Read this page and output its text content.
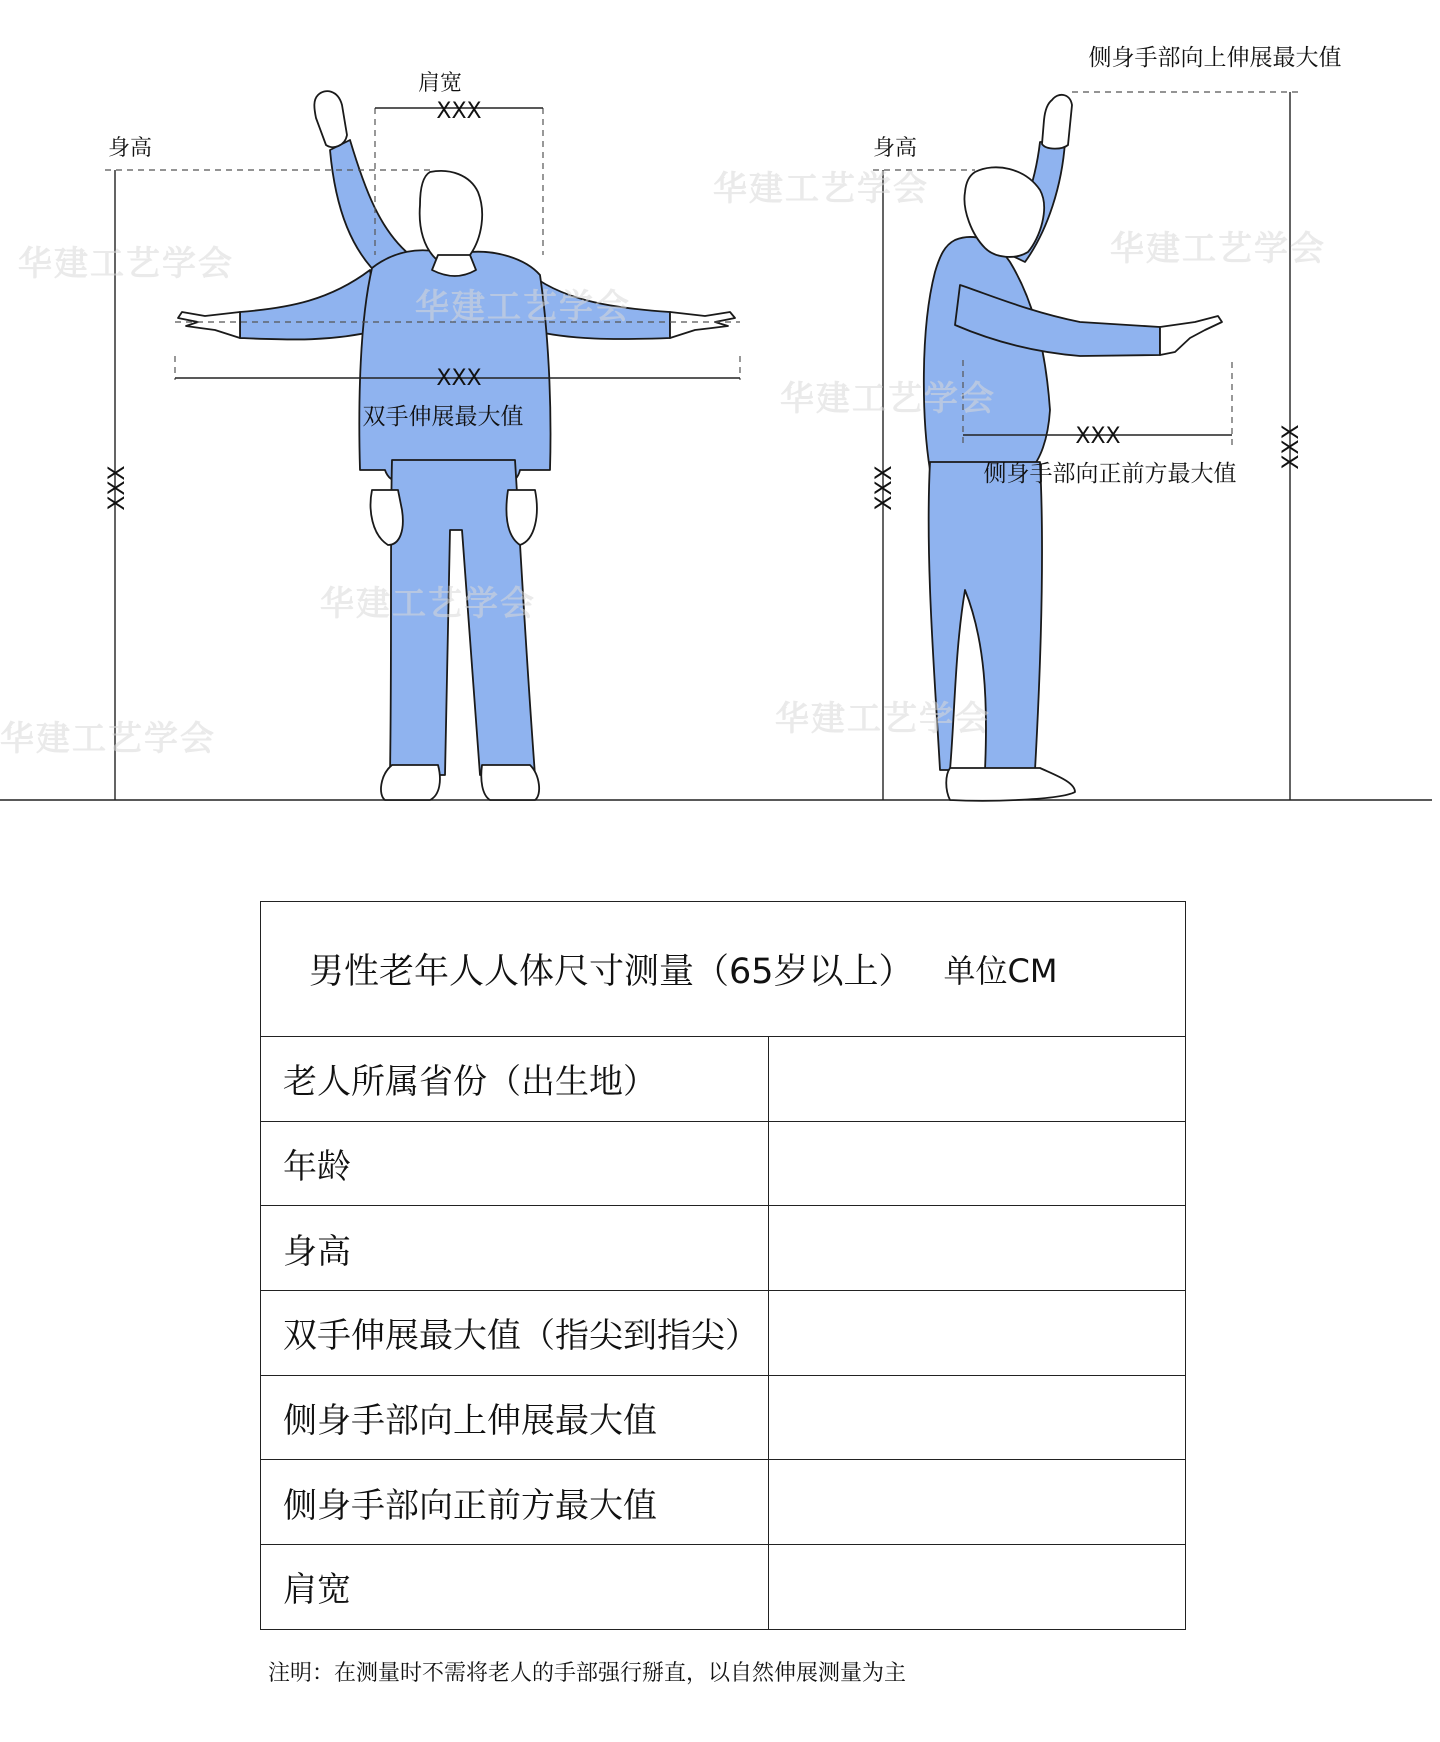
肩宽
XXX
身高
XXX
XXX
双手伸展最大值
侧身手部向上伸展最大值
身高
XXX
XXX
XXX
侧身手部向正前方最大值
华建工艺学会
华建工艺学会
华建工艺学会
华建工艺学会
华建工艺学会
华建工艺学会
华建工艺学会	华建工艺学会
男性老年人人体尺寸测量（65岁以上） 单位CM
老人所属省份（出生地）
年龄
身高
双手伸展最大值（指尖到指尖）
侧身手部向上伸展最大值
侧身手部向正前方最大值
肩宽
注明：在测量时不需将老人的手部强行掰直，以自然伸展测量为主
